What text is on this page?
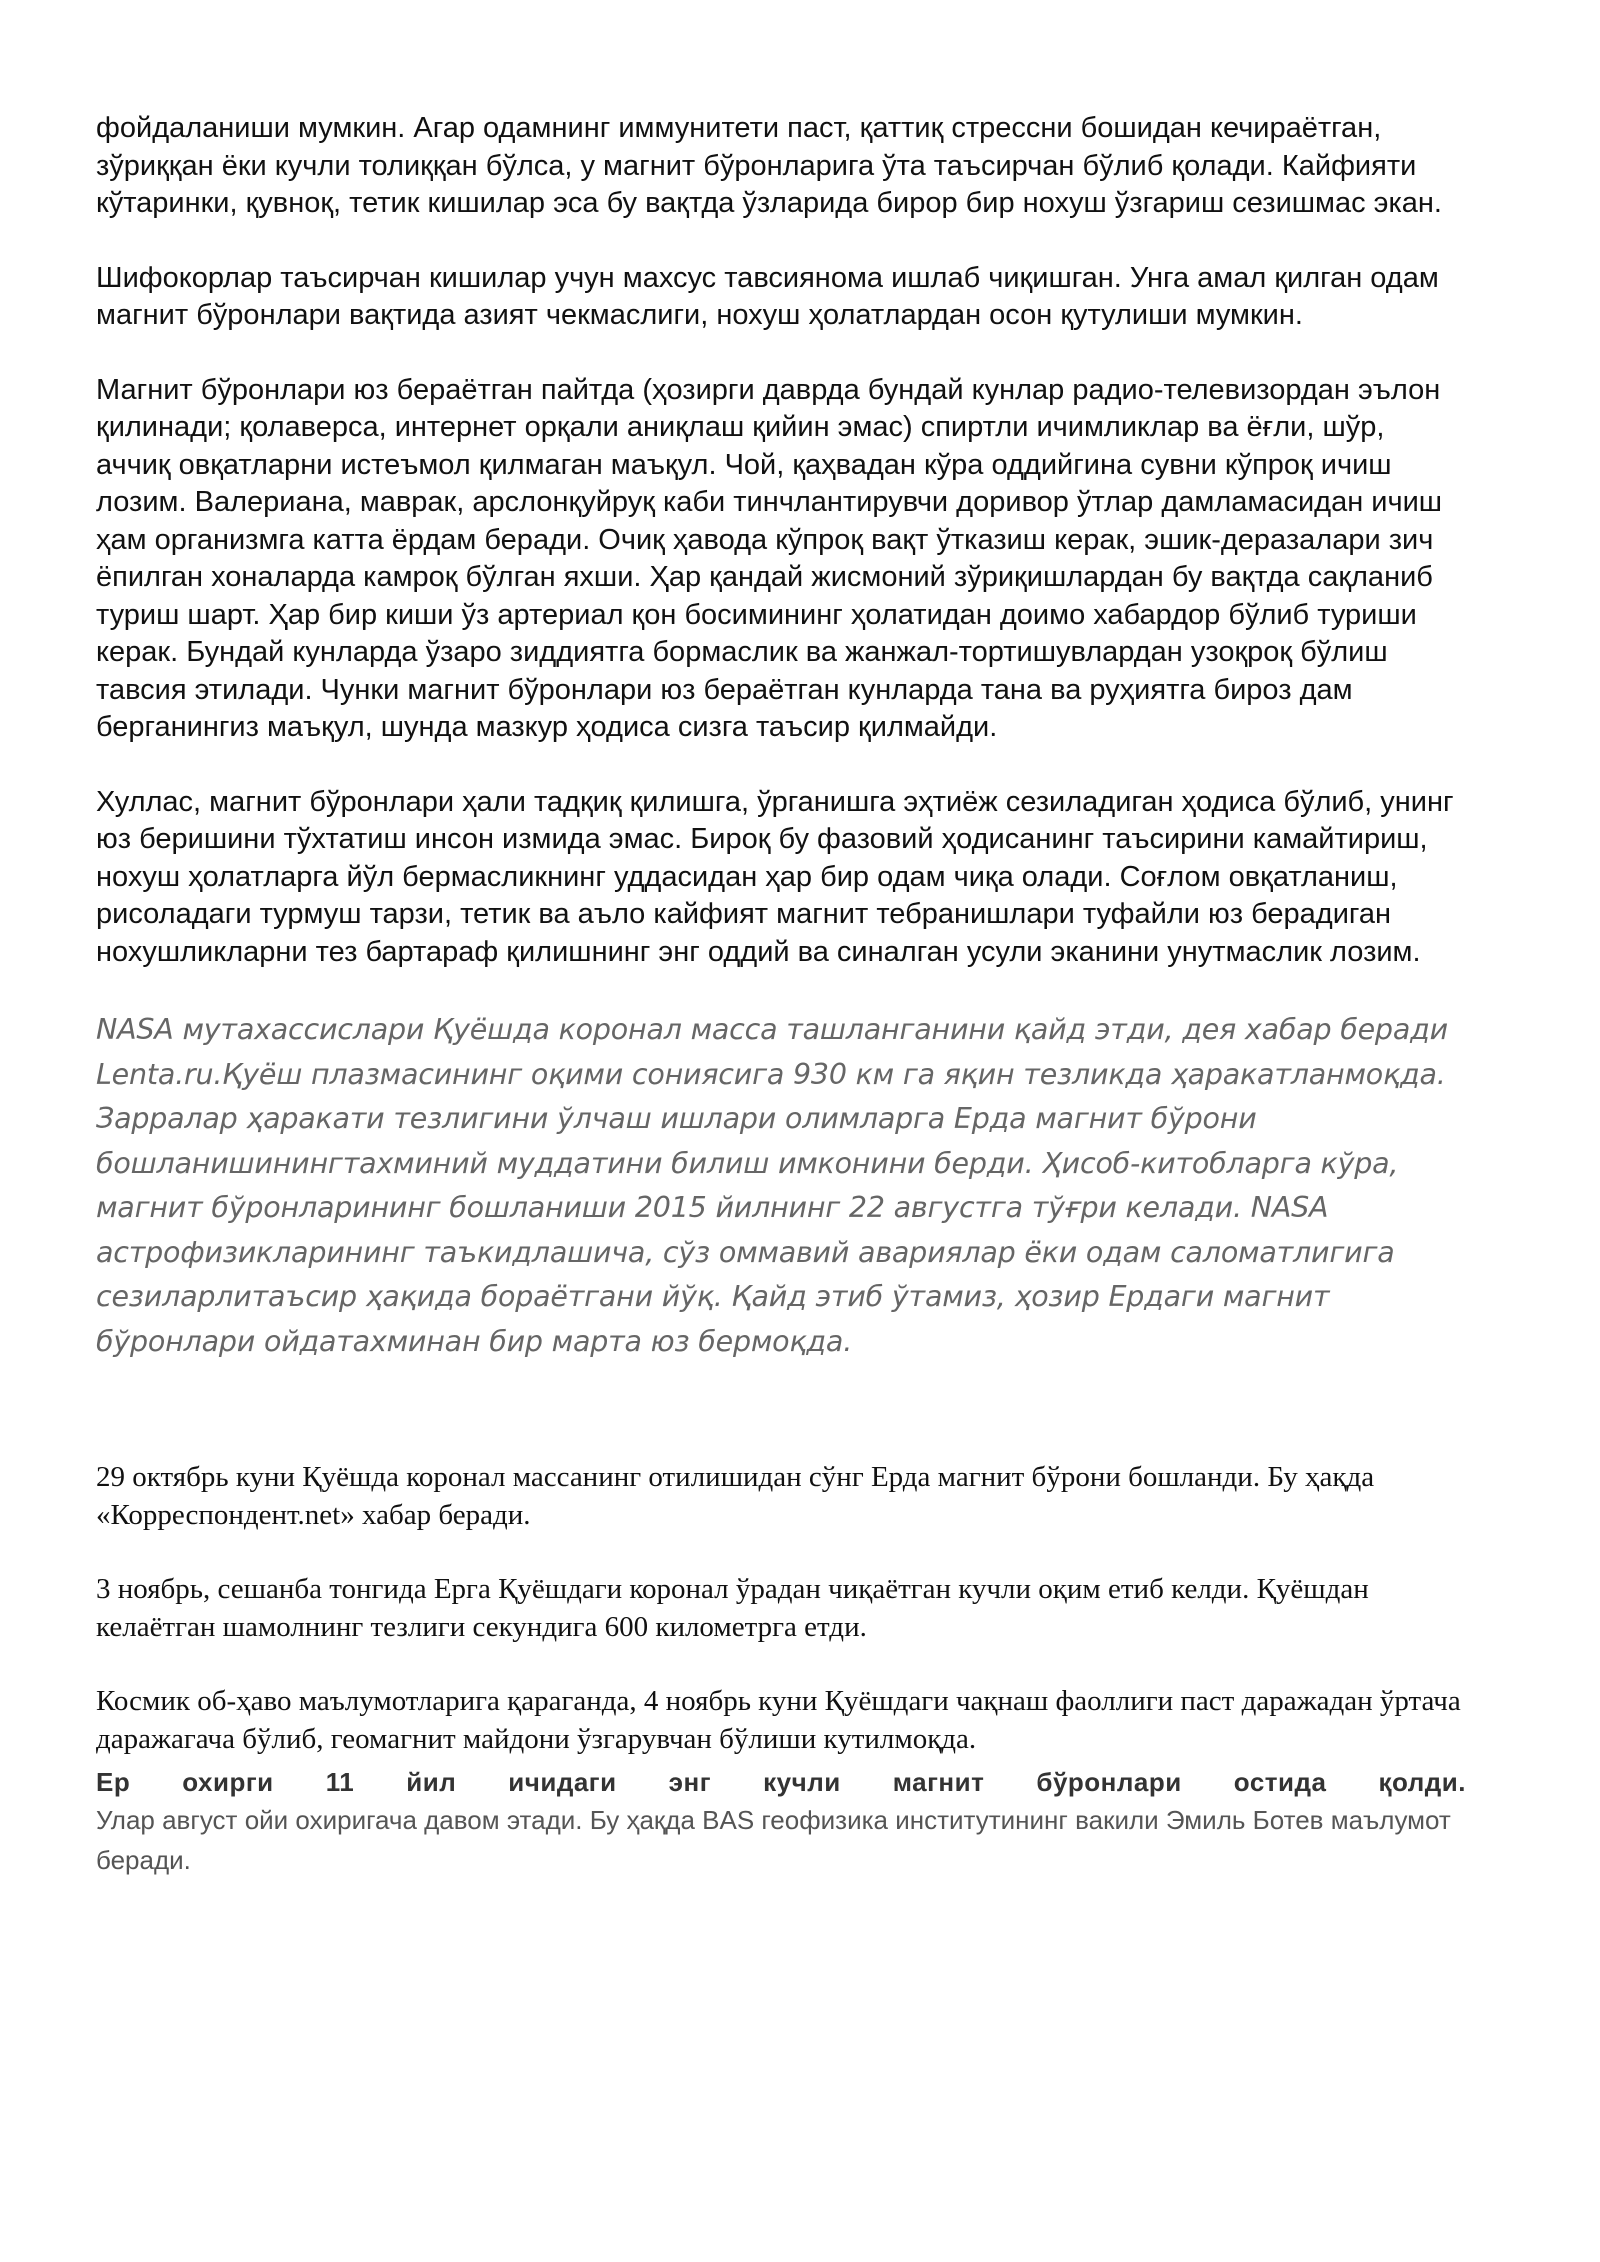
фойдаланиши мумкин. Агар одамнинг иммунитети паст, қаттиқ стрессни бошидан кечираётган, зўриққан ёки кучли толиққан бўлса, у магнит бўронларига ўта таъсирчан бўлиб қолади. Кайфияти кўтаринки, қувноқ, тетик кишилар эса бу вақтда ўзларида бирор бир нохуш ўзгариш сезишмас экан.

Шифокорлар таъсирчан кишилар учун махсус тавсиянома ишлаб чиқишган. Унга амал қилган одам магнит бўронлари вақтида азият чекмаслиги, нохуш ҳолатлардан осон қутулиши мумкин.

Магнит бўронлари юз бераётган пайтда (ҳозирги даврда бундай кунлар радио-телевизордан эълон қилинади; қолаверса, интернет орқали аниқлаш қийин эмас) спиртли ичимликлар ва ёғли, шўр, аччиқ овқатларни истеъмол қилмаган маъқул. Чой, қаҳвадан кўра оддийгина сувни кўпроқ ичиш лозим. Валериана, маврак, арслонқуйруқ каби тинчлантирувчи доривор ўтлар дамламасидан ичиш ҳам организмга катта ёрдам беради. Очиқ ҳавода кўпроқ вақт ўтказиш керак, эшик-деразалари зич ёпилган хоналарда камроқ бўлган яхши. Ҳар қандай жисмоний зўриқишлардан бу вақтда сақланиб туриш шарт. Ҳар бир киши ўз артериал қон босимининг ҳолатидан доимо хабардор бўлиб туриши керак. Бундай кунларда ўзаро зиддиятга бормаслик ва жанжал-тортишувлардан узоқроқ бўлиш тавсия этилади. Чунки магнит бўронлари юз бераётган кунларда тана ва руҳиятга бироз дам берганингиз маъқул, шунда мазкур ҳодиса сизга таъсир қилмайди.

Хуллас, магнит бўронлари ҳали тадқиқ қилишга, ўрганишга эҳтиёж сезиладиган ҳодиса бўлиб, унинг юз беришини тўхтатиш инсон измида эмас. Бироқ бу фазовий ҳодисанинг таъсирини камайтириш, нохуш ҳолатларга йўл бермасликнинг уддасидан ҳар бир одам чиқа олади. Соғлом овқатланиш, рисоладаги турмуш тарзи, тетик ва аъло кайфият магнит тебранишлари туфайли юз берадиган нохушликларни тез бартараф қилишнинг энг оддий ва синалган усули эканини унутмаслик лозим.

NASA мутахассислари Қуёшда коронал масса ташланганини қайд этди, дея хабар беради Lenta.ru.Қуёш плазмасининг оқими сониясига 930 км га яқин тезликда ҳаракатланмоқда. Зарралар ҳаракати тезлигини ўлчаш ишлари олимларга Ерда магнит бўрони бошланишинингтахминий муддатини билиш имконини берди. Ҳисоб-китобларга кўра, магнит бўронларининг бошланиши 2015 йилнинг 22 августга тўғри келади. NASA астрофизикларининг таъкидлашича, сўз оммавий авариялар ёки одам саломатлигига сезиларлитаъсир ҳақида бораётгани йўқ. Қайд этиб ўтамиз, ҳозир Ердаги магнит бўронлари ойдатахминан бир марта юз бермоқда.

29 октябрь куни Қуёшда коронал массанинг отилишидан сўнг Ерда магнит бўрони бошланди. Бу ҳақда «Корреспондент.net» хабар беради.

3 ноябрь, сешанба тонгида Ерга Қуёшдаги коронал ўрадан чиқаётган кучли оқим етиб келди. Қуёшдан келаётган шамолнинг тезлиги секундига 600 километрга етди.

Космик об-ҳаво маълумотларига қараганда, 4 ноябрь куни Қуёшдаги чақнаш фаоллиги паст даражадан ўртача даражагача бўлиб, геомагнит майдони ўзгарувчан бўлиши кутилмоқда.

Ер охирги 11 йил ичидаги энг кучли магнит бўронлари остида қолди.

Улар август ойи охиригача давом этади. Бу ҳақда BAS геофизика институтининг вакили Эмиль Ботев маълумот беради.
